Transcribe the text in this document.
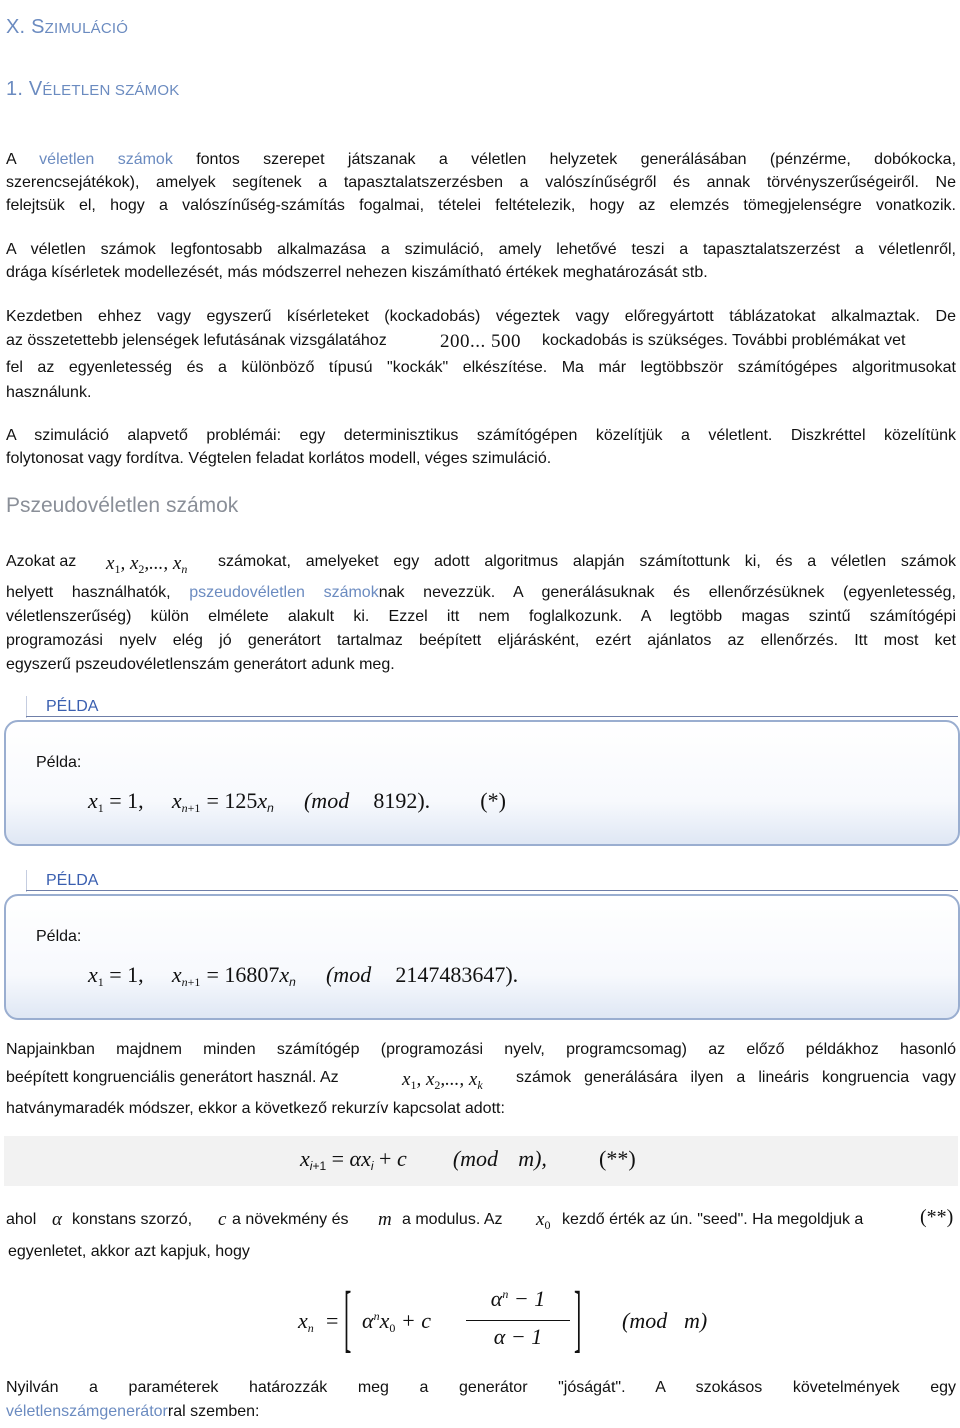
X. SZIMULÁCIÓ
1. VÉLETLEN SZÁMOK
A véletlen számok fontos szerepet játszanak a véletlen helyzetek generálásában (pénzérme, dobókocka,
szerencsejátékok), amelyek segítenek a tapasztalatszerzésben a valószínűségről és annak törvényszerűségeiről. Ne
felejtsük el, hogy a valószínűség-számítás fogalmai, tételei feltételezik, hogy az elemzés tömegjelenségre vonatkozik.
A véletlen számok legfontosabb alkalmazása a szimuláció, amely lehetővé teszi a tapasztalatszerzést a véletlenről,
drága kísérletek modellezését, más módszerrel nehezen kiszámítható értékek meghatározását stb.
Kezdetben ehhez vagy egyszerű kísérleteket (kockadobás) végeztek vagy előregyártott táblázatokat alkalmaztak. De
az összetettebb jelenségek lefutásának vizsgálatához	200... 500 kockadobás is szükséges. További problémákat vet
fel az egyenletesség és a különböző típusú "kockák" elkészítése. Ma már legtöbbször számítógépes algoritmusokat
használunk.
A szimuláció alapvető problémái: egy determinisztikus számítógépen közelítjük a véletlent. Diszkréttel közelítünk
folytonosat vagy fordítva. Végtelen feladat korlátos modell, véges szimuláció.
Pszeudovéletlen számok
Azokat az $x_1$, $x_2$,..., $x_n$ számokat, amelyeket egy adott algoritmus alapján számítottunk ki, és a véletlen számok
helyett használhatók, pszeudovéletlen számoknak nevezzük. A generálásuknak és ellenőrzésüknek (egyenletesség,
véletlenszerűség) külön elmélete alakult ki. Ezzel itt nem foglalkozunk. A legtöbb magas szintű számítógépi
programozási nyelv elég jó generátort tartalmaz beépített eljárásként, ezért ajánlatos az ellenőrzés. Itt most ket
egyszerű pszeudovéletlenszám generátort adunk meg.
PÉLDA
Példa:
$x_1 = 1$, $x_{n+1} = 125x_n$ (mod 8192). (*)
PÉLDA
Példa:
$x_1 = 1$, $x_{n+1} = 16807x_n$ (mod 2147483647).
Napjainkban majdnem minden számítógép (programozási nyelv, programcsomag) az előző példákhoz hasonló
beépített kongruenciális generátort használ. Az	$x_1$, $x_2$,..., $x_k$ számok generálására ilyen a lineáris kongruencia vagy
hatványmaradék módszer, ekkor a következő rekurzív kapcsolat adott:
$x_{i+1} = \alpha x_i + c$ (mod m), (**)
ahol α konstans szorzó, c a növekmény és m a modulus. Az $x_0$ kezdő érték az ún. "seed". Ha megoldjuk a	(**)
egyenletet, akkor azt kapjuk, hogy
$x_n$ = [ $\alpha^nx_0 + c$
$\alpha^n - 1$
α − 1	] (mod m)
Nyilván a paraméterek határozzák meg a generátor "jóságát". A szokásos követelmények egy
véletlenszámgenerátorral szemben:
